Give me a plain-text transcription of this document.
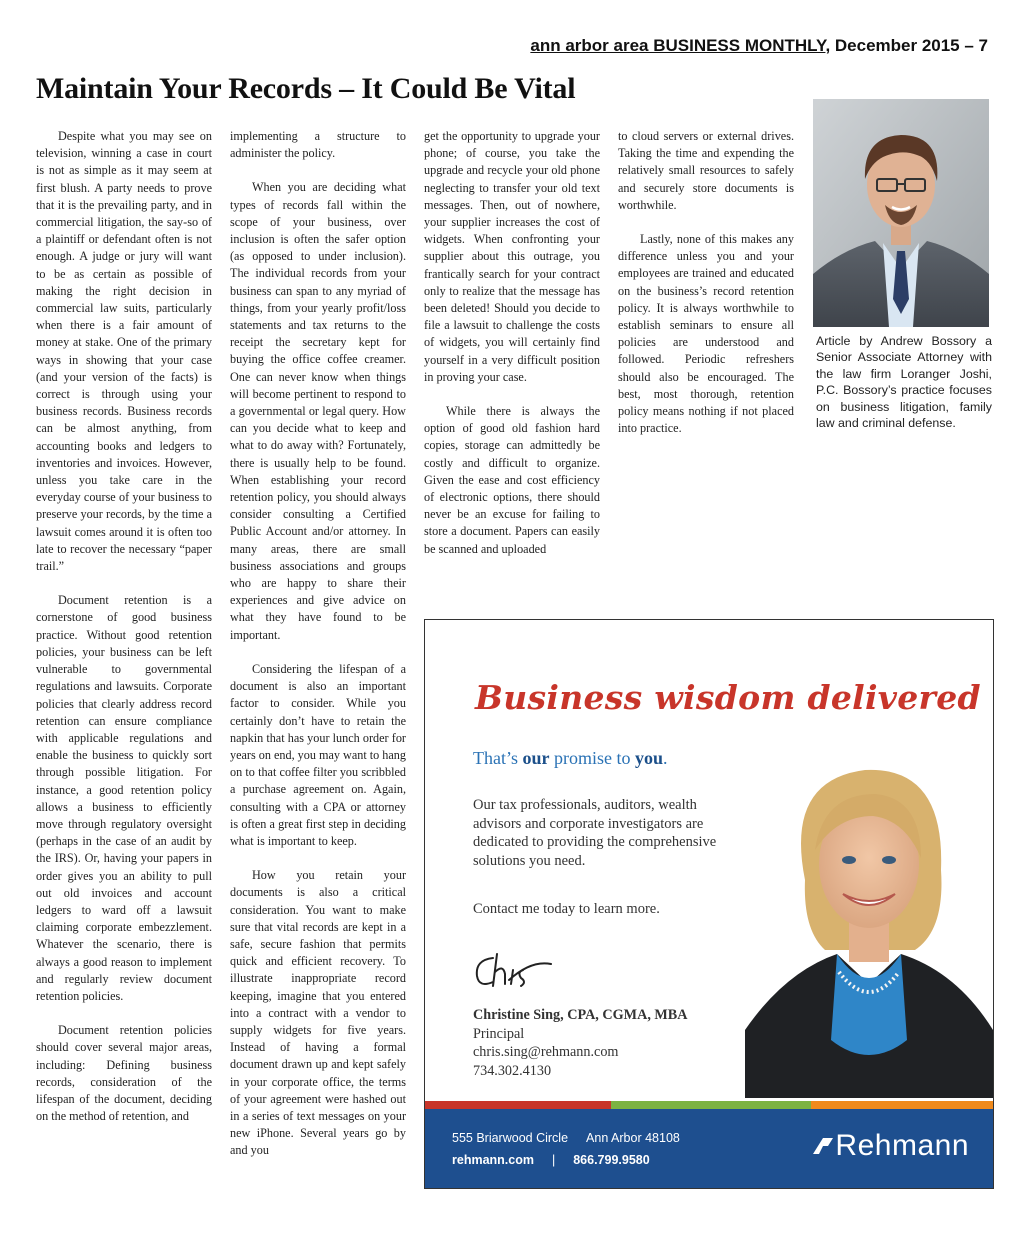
ann arbor area BUSINESS MONTHLY, December 2015 – 7
Maintain Your Records – It Could Be Vital

Despite what you may see on television, winning a case in court is not as simple as it may seem at first blush. A party needs to prove that it is the prevailing party, and in commercial litigation, the say-so of a plaintiff or defendant often is not enough. A judge or jury will want to be as certain as possible of making the right decision in commercial law suits, particularly when there is a fair amount of money at stake. One of the primary ways in showing that your case (and your version of the facts) is correct is through using your business records. Business records can be almost anything, from accounting books and ledgers to inventories and invoices. However, unless you take care in the everyday course of your business to preserve your records, by the time a lawsuit comes around it is often too late to recover the necessary “paper trail.”

Document retention is a cornerstone of good business practice. Without good retention policies, your business can be left vulnerable to governmental regulations and lawsuits. Corporate policies that clearly address record retention can ensure compliance with applicable regulations and enable the business to quickly sort through possible litigation. For instance, a good retention policy allows a business to efficiently move through regulatory oversight (perhaps in the case of an audit by the IRS). Or, having your papers in order gives you an ability to pull out old invoices and account ledgers to ward off a lawsuit claiming corporate embezzlement. Whatever the scenario, there is always a good reason to implement and regularly review document retention policies.

Document retention policies should cover several major areas, including: Defining business records, consideration of the lifespan of the document, deciding on the method of retention, and

implementing a structure to administer the policy.

When you are deciding what types of records fall within the scope of your business, over inclusion is often the safer option (as opposed to under inclusion). The individual records from your business can span to any myriad of things, from your yearly profit/loss statements and tax returns to the receipt the secretary kept for buying the office coffee creamer. One can never know when things will become pertinent to respond to a governmental or legal query. How can you decide what to keep and what to do away with? Fortunately, there is usually help to be found. When establishing your record retention policy, you should always consider consulting a Certified Public Account and/or attorney. In many areas, there are small business associations and groups who are happy to share their experiences and give advice on what they have found to be important.

Considering the lifespan of a document is also an important factor to consider. While you certainly don’t have to retain the napkin that has your lunch order for years on end, you may want to hang on to that coffee filter you scribbled a purchase agreement on. Again, consulting with a CPA or attorney is often a great first step in deciding what is important to keep.

How you retain your documents is also a critical consideration. You want to make sure that vital records are kept in a safe, secure fashion that permits quick and efficient recovery. To illustrate inappropriate record keeping, imagine that you entered into a contract with a vendor to supply widgets for five years. Instead of having a formal document drawn up and kept safely in your corporate office, the terms of your agreement were hashed out in a series of text messages on your new iPhone. Several years go by and you

get the opportunity to upgrade your phone; of course, you take the upgrade and recycle your old phone neglecting to transfer your old text messages. Then, out of nowhere, your supplier increases the cost of widgets. When confronting your supplier about this outrage, you frantically search for your contract only to realize that the message has been deleted! Should you decide to file a lawsuit to challenge the costs of widgets, you will certainly find yourself in a very difficult position in proving your case.

While there is always the option of good old fashion hard copies, storage can admittedly be costly and difficult to organize. Given the ease and cost efficiency of electronic options, there should never be an excuse for failing to store a document. Papers can easily be scanned and uploaded

to cloud servers or external drives. Taking the time and expending the relatively small resources to safely and securely store documents is worthwhile.

Lastly, none of this makes any difference unless you and your employees are trained and educated on the business’s record retention policy. It is always worthwhile to establish seminars to ensure all policies are understood and followed. Periodic refreshers should also be encouraged. The best, most thorough, retention policy means nothing if not placed into practice.

Article by Andrew Bossory a Senior Associate Attorney with the law firm Loranger Joshi, P.C. Bossory’s practice focuses on business litigation, family law and criminal defense.
Business wisdom delivered
That’s our promise to you.
Our tax professionals, auditors, wealth advisors and corporate investigators are dedicated to providing the comprehensive solutions you need.
Contact me today to learn more.
Christine Sing, CPA, CGMA, MBA
Principal
chris.sing@rehmann.com
734.302.4130
555 Briarwood Circle Ann Arbor 48108
rehmann.com | 866.799.9580	Rehmann
